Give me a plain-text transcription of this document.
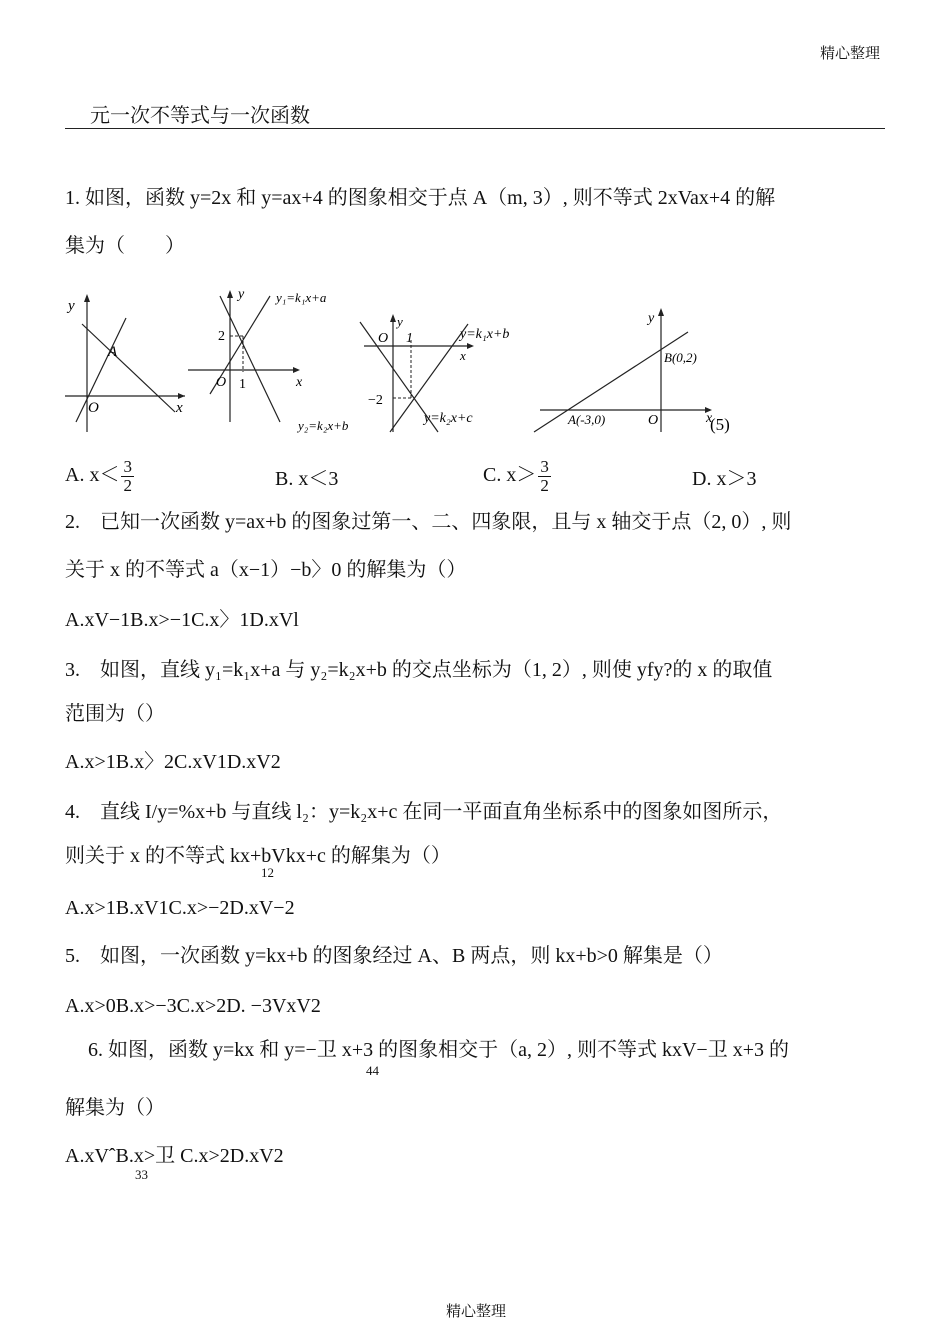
精心整理
元一次不等式与一次函数
1. 如图，函数 y=2x 和 y=ax+4 的图象相交于点 A（m, 3）, 则不等式 2xVax+4 的解
集为（　　）
y
x
O
A
y
x
O
2
1
y₁=k₁x+a
y₂=k₂x+b
y
x
O 1
−2
y=k₁x+b
y=k₂x+c
y
x
O
B(0,2)
A(-3,0)	(5)
A. $x< \frac{3}{2}$	B. x＜3	C. $x> \frac{3}{2}$	D. x＞3
2.　已知一次函数 y=ax+b 的图象过第一、二、四象限，且与 x 轴交于点（2, 0）, 则
关于 x 的不等式 a（x−1）−b〉0 的解集为（）
A.xV−1B.x>−1C.x〉1D.xVl
3.　如图，直线 y₁=k₁x+a 与 y₂=k₂x+b 的交点坐标为（1, 2）, 则使 yfy?的 x 的取值
范围为（）
A.x>1B.x〉2C.xV1D.xV2
4.　直线 I/y=%x+b 与直线 l₂：y=k₂x+c 在同一平面直角坐标系中的图象如图所示，
则关于 x 的不等式 kx+bVkx+c 的解集为（）
12
A.x>1B.xV1C.x>−2D.xV−2
5.　如图，一次函数 y=kx+b 的图象经过 A、B 两点，则 kx+b>0 解集是（）
A.x>0B.x>−3C.x>2D. −3VxV2
6. 如图，函数 y=kx 和 y=−卫 x+3 的图象相交于（a, 2）, 则不等式 kxV−卫 x+3 的
44
解集为（）
A.xVˆB.x>卫 C.x>2D.xV2
33
精心整理
